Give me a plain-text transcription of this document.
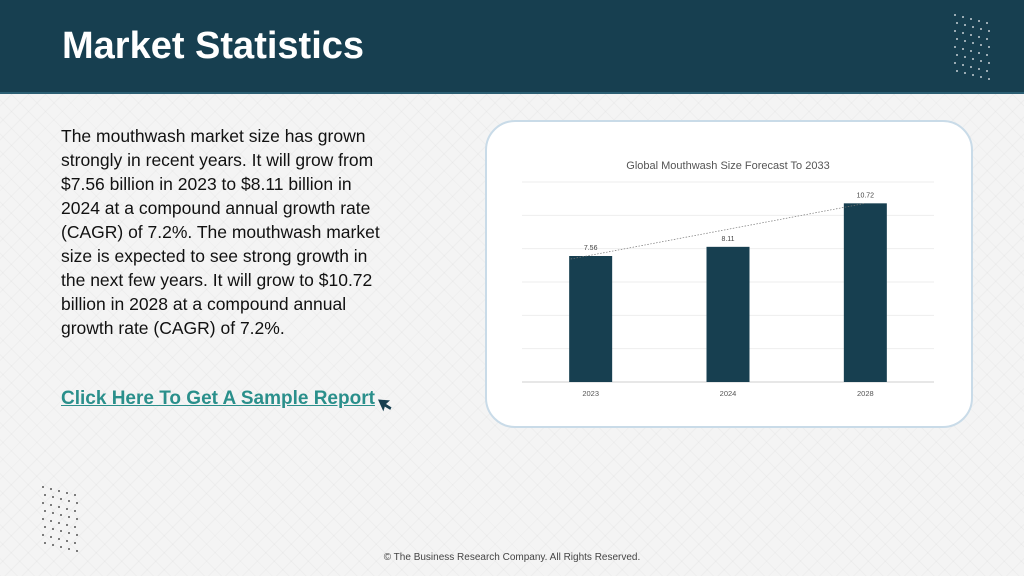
Market Statistics

The mouthwash market size has grown strongly in recent years. It will grow from $7.56 billion in 2023 to $8.11 billion in 2024 at a compound annual growth rate (CAGR) of 7.2%. The mouthwash market size is expected to see strong growth in the next few years. It will grow to $10.72 billion in 2028 at a compound annual growth rate (CAGR) of 7.2%.

Click Here To Get A Sample Report
Global Mouthwash Size Forecast To 2033
7.56
2023
8.11
2024
10.72
2028
© The Business Research Company. All Rights Reserved.
